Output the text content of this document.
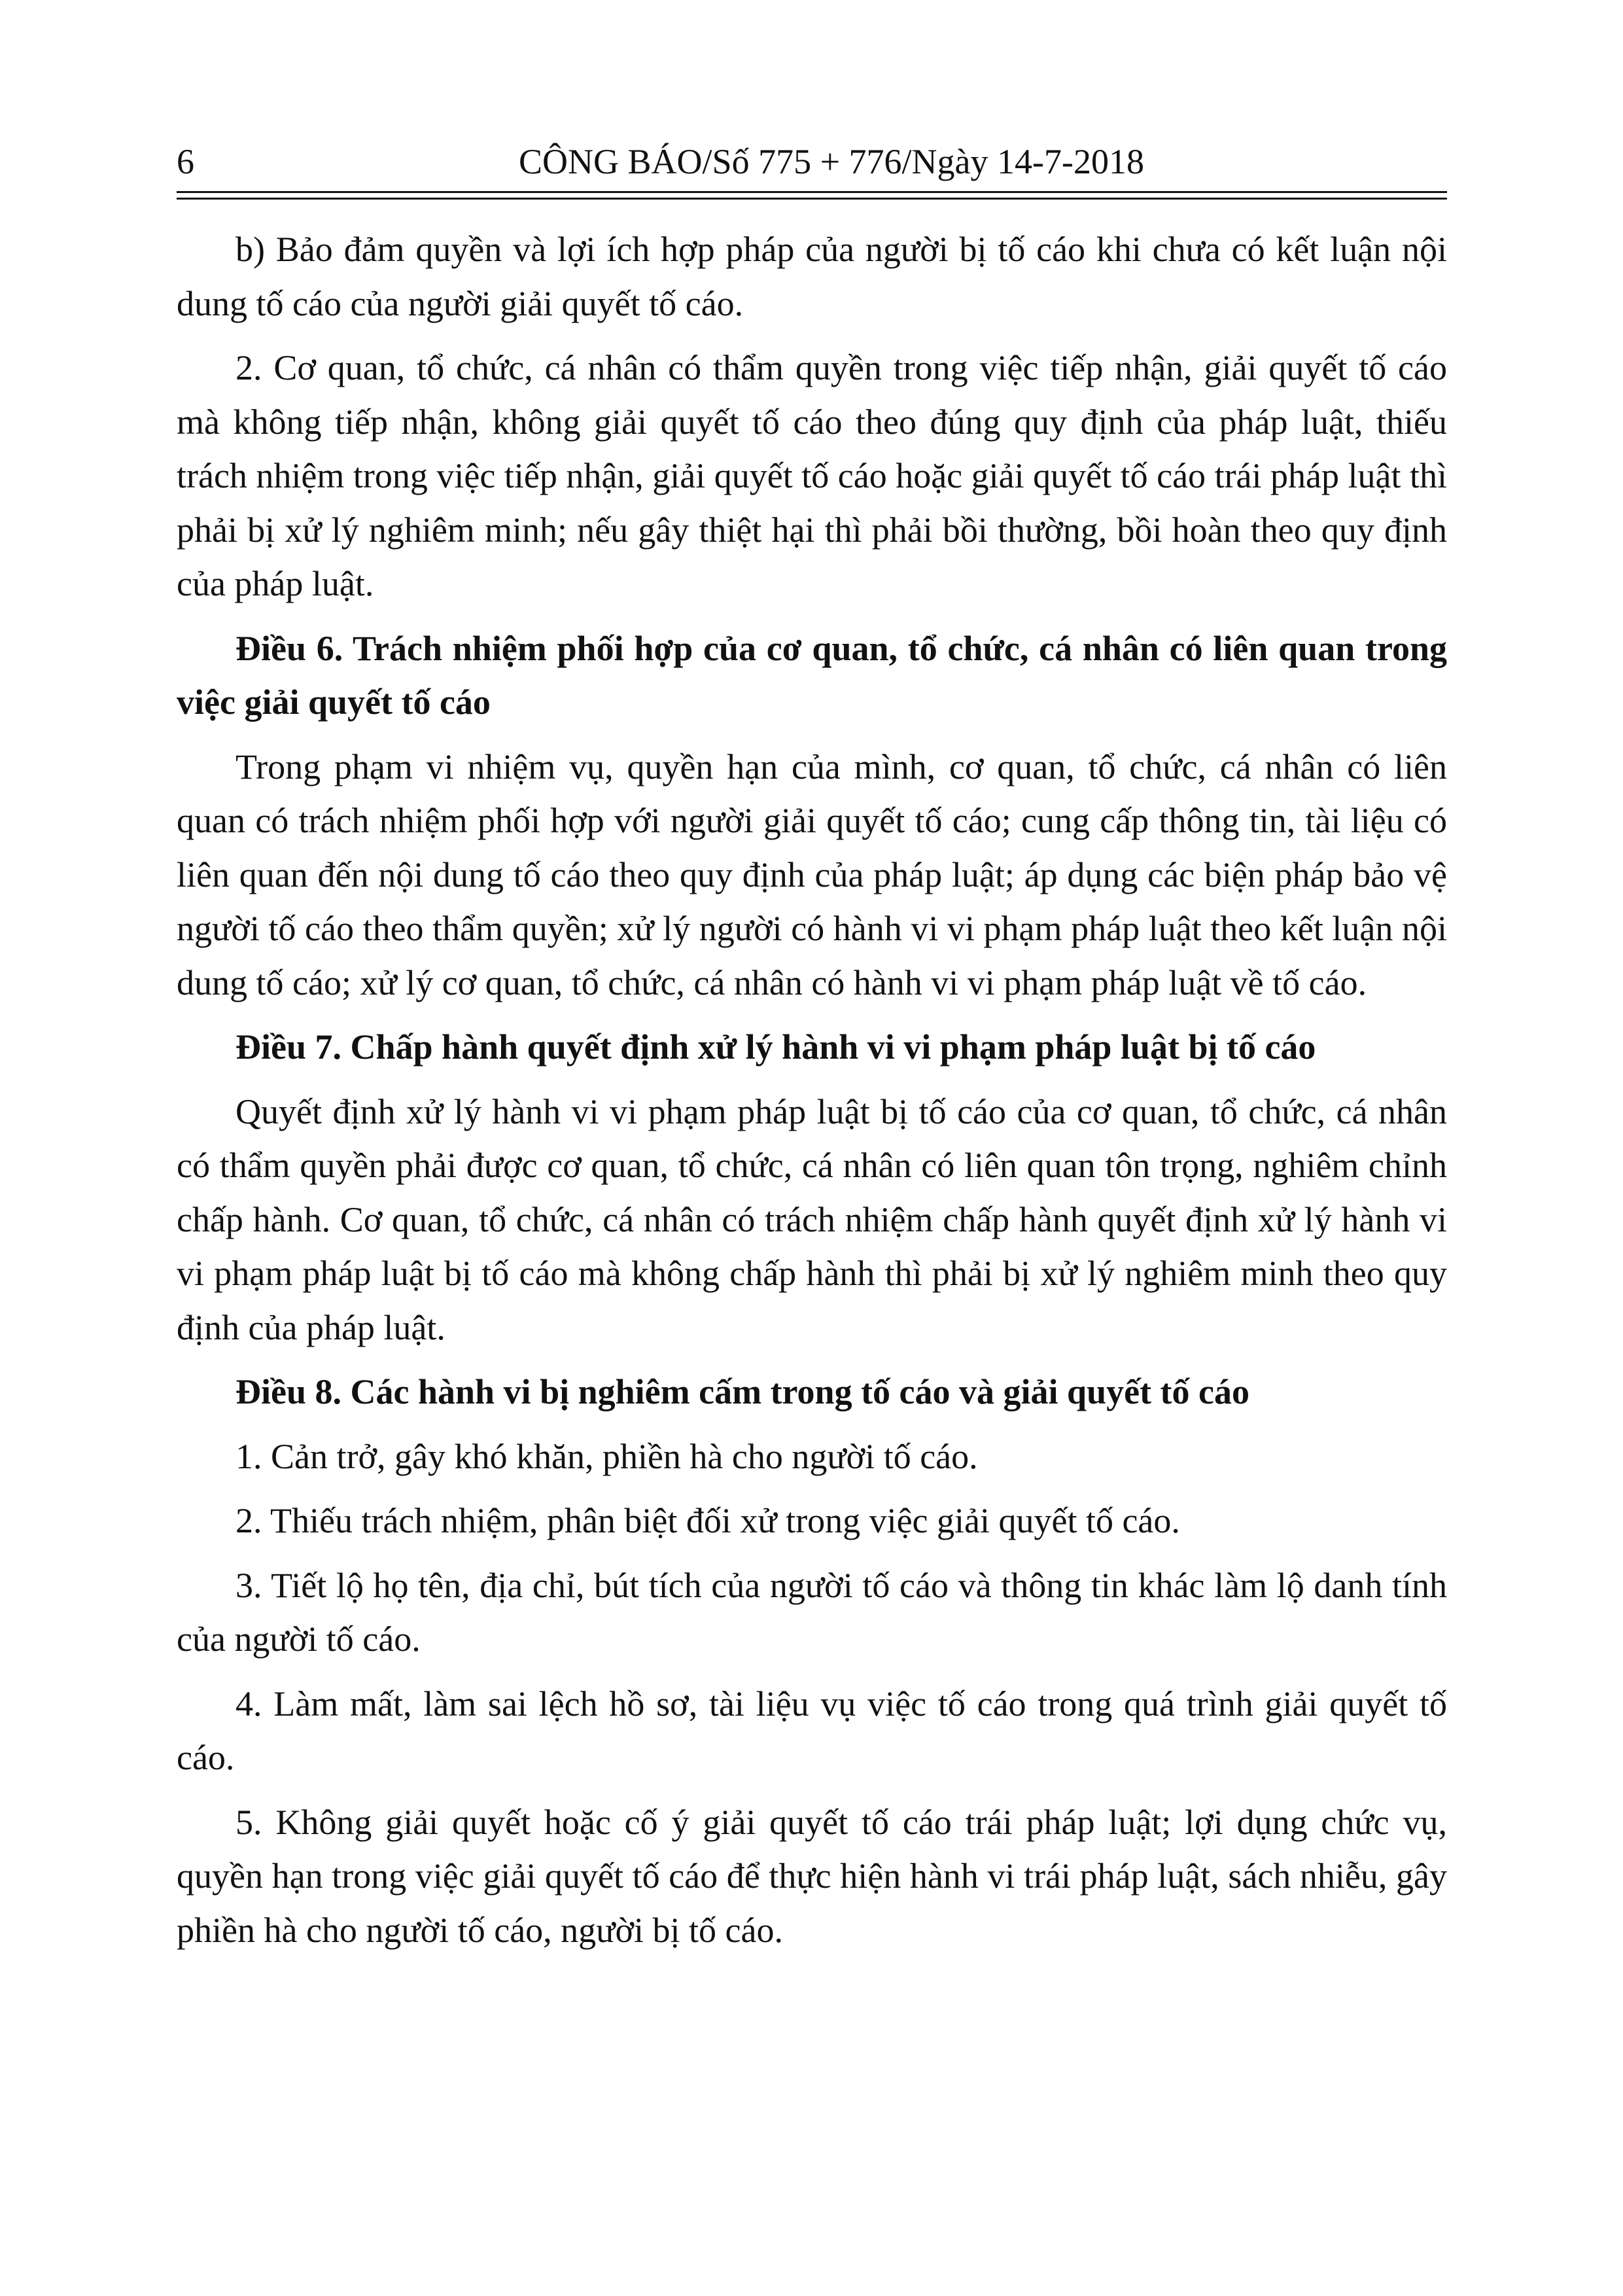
6	CÔNG BÁO/Số 775 + 776/Ngày 14-7-2018

b) Bảo đảm quyền và lợi ích hợp pháp của người bị tố cáo khi chưa có kết luận nội dung tố cáo của người giải quyết tố cáo.

2. Cơ quan, tổ chức, cá nhân có thẩm quyền trong việc tiếp nhận, giải quyết tố cáo mà không tiếp nhận, không giải quyết tố cáo theo đúng quy định của pháp luật, thiếu trách nhiệm trong việc tiếp nhận, giải quyết tố cáo hoặc giải quyết tố cáo trái pháp luật thì phải bị xử lý nghiêm minh; nếu gây thiệt hại thì phải bồi thường, bồi hoàn theo quy định của pháp luật.

Điều 6. Trách nhiệm phối hợp của cơ quan, tổ chức, cá nhân có liên quan trong việc giải quyết tố cáo

Trong phạm vi nhiệm vụ, quyền hạn của mình, cơ quan, tổ chức, cá nhân có liên quan có trách nhiệm phối hợp với người giải quyết tố cáo; cung cấp thông tin, tài liệu có liên quan đến nội dung tố cáo theo quy định của pháp luật; áp dụng các biện pháp bảo vệ người tố cáo theo thẩm quyền; xử lý người có hành vi vi phạm pháp luật theo kết luận nội dung tố cáo; xử lý cơ quan, tổ chức, cá nhân có hành vi vi phạm pháp luật về tố cáo.

Điều 7. Chấp hành quyết định xử lý hành vi vi phạm pháp luật bị tố cáo

Quyết định xử lý hành vi vi phạm pháp luật bị tố cáo của cơ quan, tổ chức, cá nhân có thẩm quyền phải được cơ quan, tổ chức, cá nhân có liên quan tôn trọng, nghiêm chỉnh chấp hành. Cơ quan, tổ chức, cá nhân có trách nhiệm chấp hành quyết định xử lý hành vi vi phạm pháp luật bị tố cáo mà không chấp hành thì phải bị xử lý nghiêm minh theo quy định của pháp luật.

Điều 8. Các hành vi bị nghiêm cấm trong tố cáo và giải quyết tố cáo

1. Cản trở, gây khó khăn, phiền hà cho người tố cáo.

2. Thiếu trách nhiệm, phân biệt đối xử trong việc giải quyết tố cáo.

3. Tiết lộ họ tên, địa chỉ, bút tích của người tố cáo và thông tin khác làm lộ danh tính của người tố cáo.

4. Làm mất, làm sai lệch hồ sơ, tài liệu vụ việc tố cáo trong quá trình giải quyết tố cáo.

5. Không giải quyết hoặc cố ý giải quyết tố cáo trái pháp luật; lợi dụng chức vụ, quyền hạn trong việc giải quyết tố cáo để thực hiện hành vi trái pháp luật, sách nhiễu, gây phiền hà cho người tố cáo, người bị tố cáo.
